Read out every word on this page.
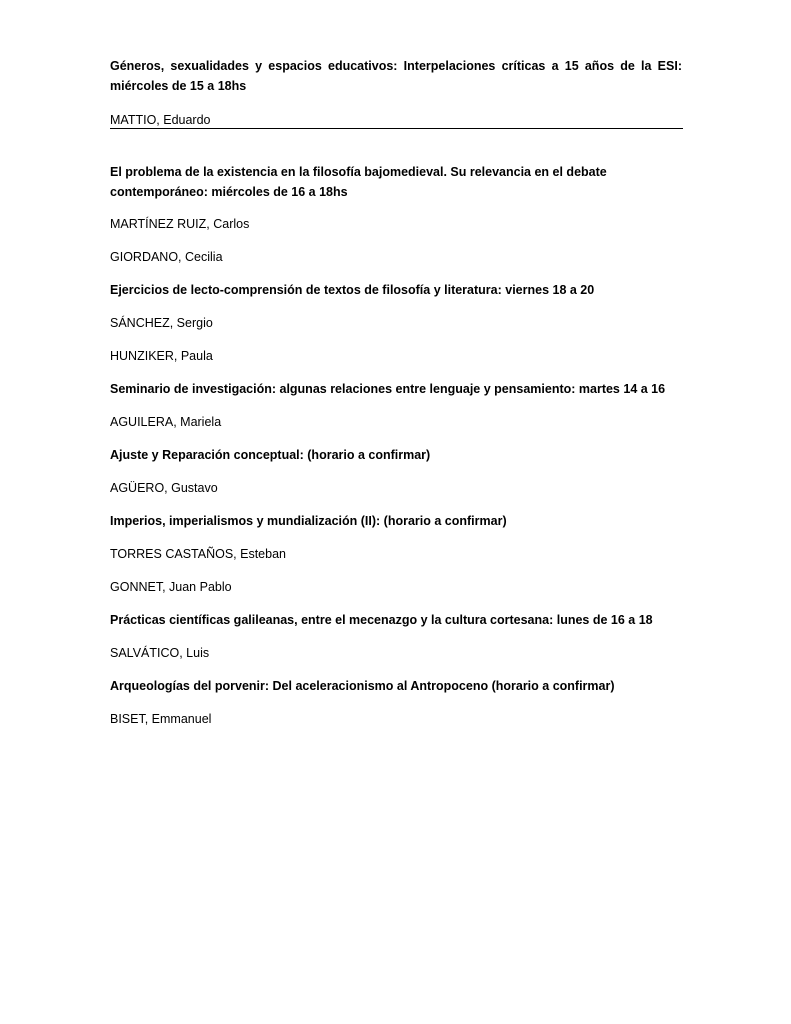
Géneros, sexualidades y espacios educativos: Interpelaciones críticas a 15 años de la ESI: miércoles de 15 a 18hs
MATTIO, Eduardo
El problema de la existencia en la filosofía bajomedieval. Su relevancia en el debate contemporáneo: miércoles de 16 a 18hs
MARTÍNEZ RUIZ, Carlos
GIORDANO, Cecilia
Ejercicios de lecto-comprensión de textos de filosofía y literatura: viernes 18 a 20
SÁNCHEZ, Sergio
HUNZIKER, Paula
Seminario de investigación: algunas relaciones entre lenguaje y pensamiento: martes 14 a 16
AGUILERA, Mariela
Ajuste y Reparación conceptual: (horario a confirmar)
AGÜERO, Gustavo
Imperios, imperialismos y mundialización (II): (horario a confirmar)
TORRES CASTAÑOS, Esteban
GONNET, Juan Pablo
Prácticas científicas galileanas, entre el mecenazgo y la cultura cortesana: lunes de 16 a 18
SALVÁTICO, Luis
Arqueologías del porvenir: Del aceleracionismo al Antropoceno (horario a confirmar)
BISET, Emmanuel
